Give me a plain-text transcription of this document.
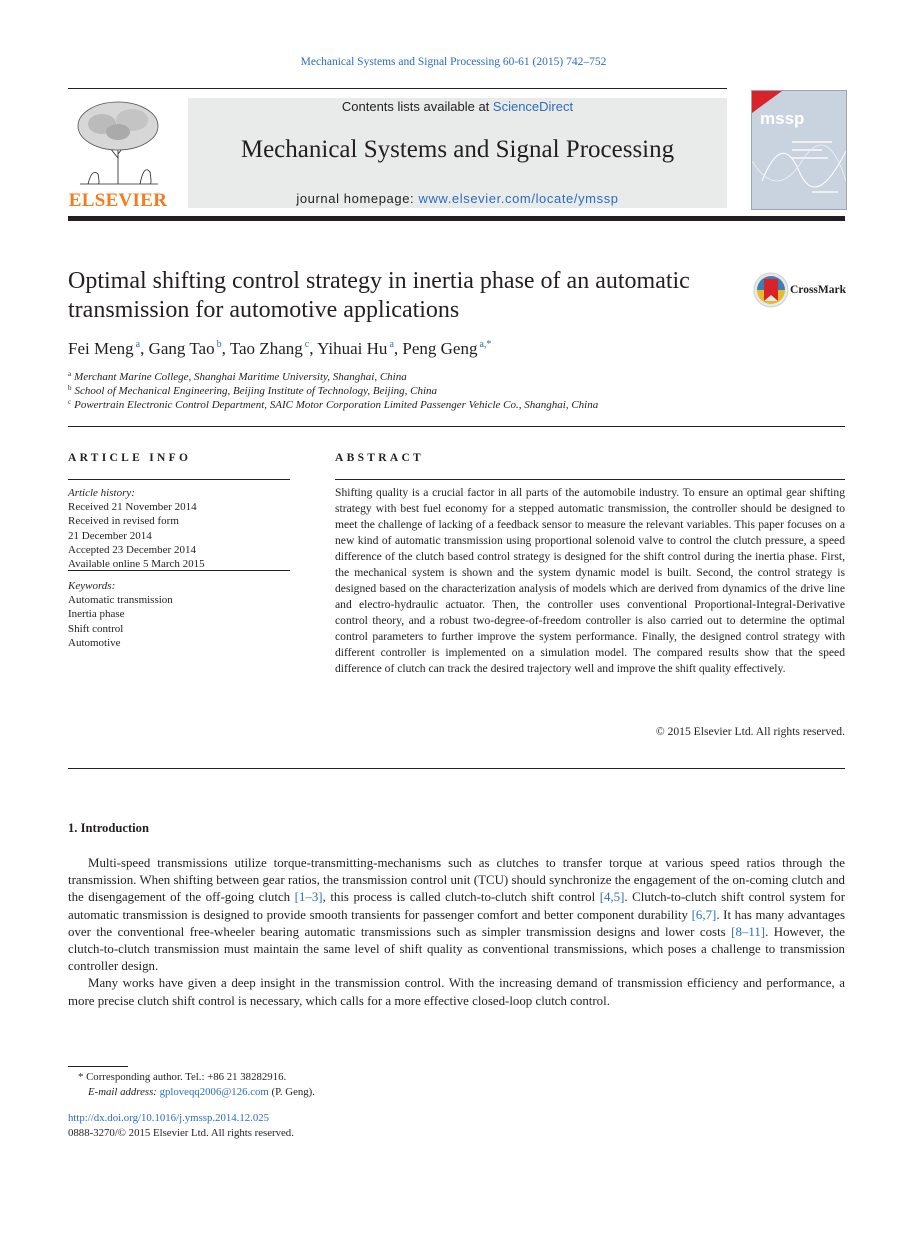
Mechanical Systems and Signal Processing 60-61 (2015) 742–752
ELSEVIER
Contents lists available at ScienceDirect
Mechanical Systems and Signal Processing
journal homepage: www.elsevier.com/locate/ymssp
mssp
Optimal shifting control strategy in inertia phase of an automatic transmission for automotive applications
CrossMark
Fei Meng $^a$, Gang Tao $^b$, Tao Zhang $^c$, Yihuai Hu $^a$, Peng Geng $^{a,*}$
$^a$ Merchant Marine College, Shanghai Maritime University, Shanghai, China
$^b$ School of Mechanical Engineering, Beijing Institute of Technology, Beijing, China
$^c$ Powertrain Electronic Control Department, SAIC Motor Corporation Limited Passenger Vehicle Co., Shanghai, China
ARTICLE INFO
Article history:
Received 21 November 2014
Received in revised form
21 December 2014
Accepted 23 December 2014
Available online 5 March 2015
Keywords:
Automatic transmission
Inertia phase
Shift control
Automotive
ABSTRACT
Shifting quality is a crucial factor in all parts of the automobile industry. To ensure an optimal gear shifting strategy with best fuel economy for a stepped automatic transmission, the controller should be designed to meet the challenge of lacking of a feedback sensor to measure the relevant variables. This paper focuses on a new kind of automatic transmission using proportional solenoid valve to control the clutch pressure, a speed difference of the clutch based control strategy is designed for the shift control during the inertia phase. First, the mechanical system is shown and the system dynamic model is built. Second, the control strategy is designed based on the characterization analysis of models which are derived from dynamics of the drive line and electro-hydraulic actuator. Then, the controller uses conventional Proportional-Integral-Derivative control theory, and a robust two-degree-of-freedom controller is also carried out to determine the optimal control parameters to further improve the system performance. Finally, the designed control strategy with different controller is implemented on a simulation model. The compared results show that the speed difference of clutch can track the desired trajectory well and improve the shift quality effectively.
© 2015 Elsevier Ltd. All rights reserved.
1. Introduction

Multi-speed transmissions utilize torque-transmitting-mechanisms such as clutches to transfer torque at various speed ratios through the transmission. When shifting between gear ratios, the transmission control unit (TCU) should synchronize the engagement of the on-coming clutch and the disengagement of the off-going clutch [1–3], this process is called clutch-to-clutch shift control [4,5]. Clutch-to-clutch shift control system for automatic transmission is designed to provide smooth transients for passenger comfort and better component durability [6,7]. It has many advantages over the conventional free-wheeler bearing automatic transmissions such as simpler transmission designs and lower costs [8–11]. However, the clutch-to-clutch transmission must maintain the same level of shift quality as conventional transmissions, which poses a challenge to transmission controller design.

Many works have given a deep insight in the transmission control. With the increasing demand of transmission efficiency and performance, a more precise clutch shift control is necessary, which calls for a more effective closed-loop clutch control.

* Corresponding author. Tel.: +86 21 38282916.
E-mail address: gploveqq2006@126.com (P. Geng).
http://dx.doi.org/10.1016/j.ymssp.2014.12.025
0888-3270/© 2015 Elsevier Ltd. All rights reserved.
